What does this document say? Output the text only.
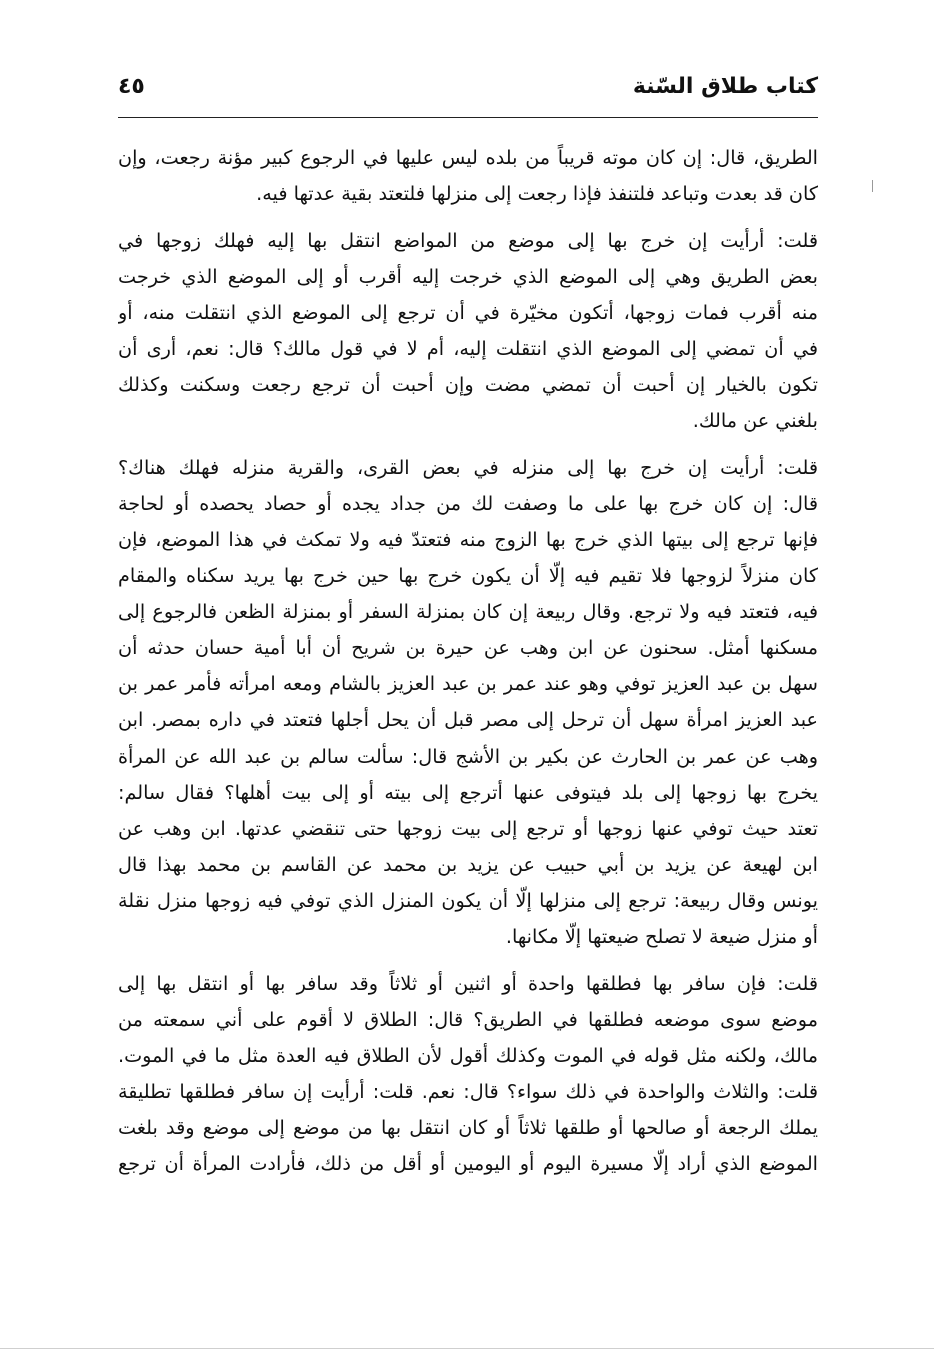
كتاب طلاق السّنة
٤٥
الطريق، قال: إن كان موته قريباً من بلده ليس عليها في الرجوع كبير مؤنة رجعت، وإن
كان قد بعدت وتباعد فلتنفذ فإذا رجعت إلى منزلها فلتعتد بقية عدتها فيه.
قلت: أرأيت إن خرج بها إلى موضع من المواضع انتقل بها إليه فهلك زوجها في
بعض الطريق وهي إلى الموضع الذي خرجت إليه أقرب أو إلى الموضع الذي خرجت
منه أقرب فمات زوجها، أتكون مخيّرة في أن ترجع إلى الموضع الذي انتقلت منه، أو
في أن تمضي إلى الموضع الذي انتقلت إليه، أم لا في قول مالك؟ قال: نعم، أرى أن
تكون بالخيار إن أحبت أن تمضي مضت وإن أحبت أن ترجع رجعت وسكنت وكذلك
بلغني عن مالك.
قلت: أرأيت إن خرج بها إلى منزله في بعض القرى، والقرية منزله فهلك هناك؟
قال: إن كان خرج بها على ما وصفت لك من جداد يجده أو حصاد يحصده أو لحاجة
فإنها ترجع إلى بيتها الذي خرج بها الزوج منه فتعتدّ فيه ولا تمكث في هذا الموضع، فإن
كان منزلاً لزوجها فلا تقيم فيه إلّا أن يكون خرج بها حين خرج بها يريد سكناه والمقام
فيه، فتعتد فيه ولا ترجع. وقال ربيعة إن كان بمنزلة السفر أو بمنزلة الظعن فالرجوع إلى
مسكنها أمثل. سحنون عن ابن وهب عن حيرة بن شريح أن أبا أمية حسان حدثه أن
سهل بن عبد العزيز توفي وهو عند عمر بن عبد العزيز بالشام ومعه امرأته فأمر عمر بن
عبد العزيز امرأة سهل أن ترحل إلى مصر قبل أن يحل أجلها فتعتد في داره بمصر. ابن
وهب عن عمر بن الحارث عن بكير بن الأشج قال: سألت سالم بن عبد الله عن المرأة
يخرج بها زوجها إلى بلد فيتوفى عنها أترجع إلى بيته أو إلى بيت أهلها؟ فقال سالم:
تعتد حيث توفي عنها زوجها أو ترجع إلى بيت زوجها حتى تنقضي عدتها. ابن وهب عن
ابن لهيعة عن يزيد بن أبي حبيب عن يزيد بن محمد عن القاسم بن محمد بهذا قال
يونس وقال ربيعة: ترجع إلى منزلها إلّا أن يكون المنزل الذي توفي فيه زوجها منزل نقلة
أو منزل ضيعة لا تصلح ضيعتها إلّا مكانها.
قلت: فإن سافر بها فطلقها واحدة أو اثنين أو ثلاثاً وقد سافر بها أو انتقل بها إلى
موضع سوى موضعه فطلقها في الطريق؟ قال: الطلاق لا أقوم على أني سمعته من
مالك، ولكنه مثل قوله في الموت وكذلك أقول لأن الطلاق فيه العدة مثل ما في الموت.
قلت: والثلاث والواحدة في ذلك سواء؟ قال: نعم. قلت: أرأيت إن سافر فطلقها تطليقة
يملك الرجعة أو صالحها أو طلقها ثلاثاً أو كان انتقل بها من موضع إلى موضع وقد بلغت
الموضع الذي أراد إلّا مسيرة اليوم أو اليومين أو أقل من ذلك، فأرادت المرأة أن ترجع
